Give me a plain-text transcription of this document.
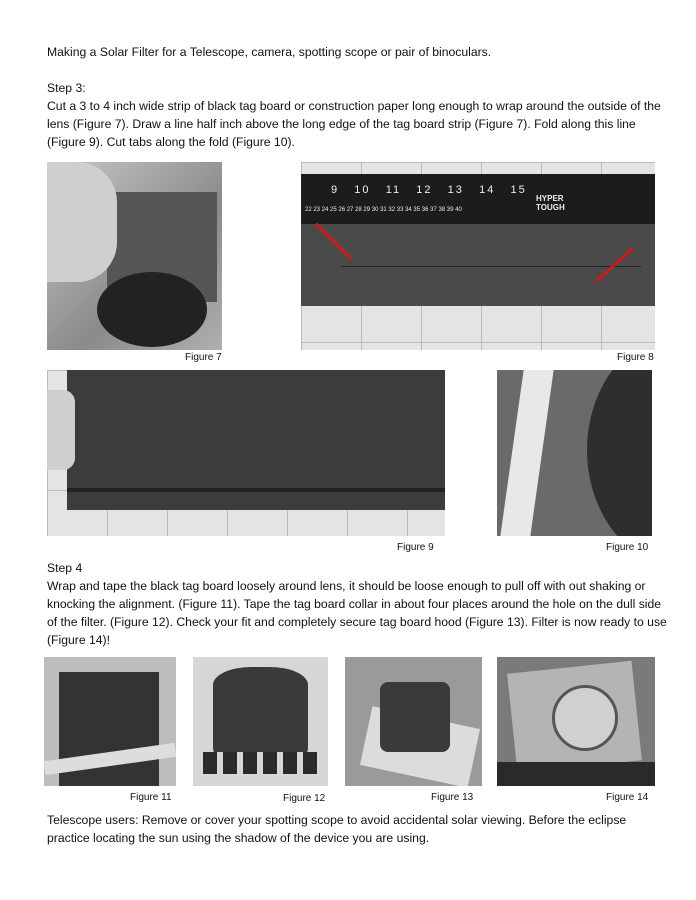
Making a Solar Filter for a Telescope, camera, spotting scope or pair of binoculars.
Step 3:
Cut a 3 to 4 inch wide strip of black tag board or construction paper long enough to wrap around the outside of the lens (Figure 7). Draw a line half inch above the long edge of the tag board strip (Figure 7). Fold along this line (Figure 9). Cut tabs along the fold (Figure 10).
Figure 7
9   10   11   12   13   14   15
22 23 24 25 26 27 28 29 30 31 32 33 34 35 36 37 38 39 40
HYPER TOUGH
Figure 8
Figure 9	Figure 10
Step 4
Wrap and tape the black tag board loosely around lens, it should be loose enough to pull off with out shaking or knocking the alignment. (Figure 11). Tape the tag board collar in about four places around the hole on the dull side of the filter. (Figure 12). Check your fit and completely secure tag board hood (Figure 13). Filter is now ready to use (Figure 14)!
Figure 11	Figure 12	Figure 13	Figure 14
Telescope users: Remove or cover your spotting scope to avoid accidental solar viewing. Before the eclipse practice locating the sun using the shadow of the device you are using.
